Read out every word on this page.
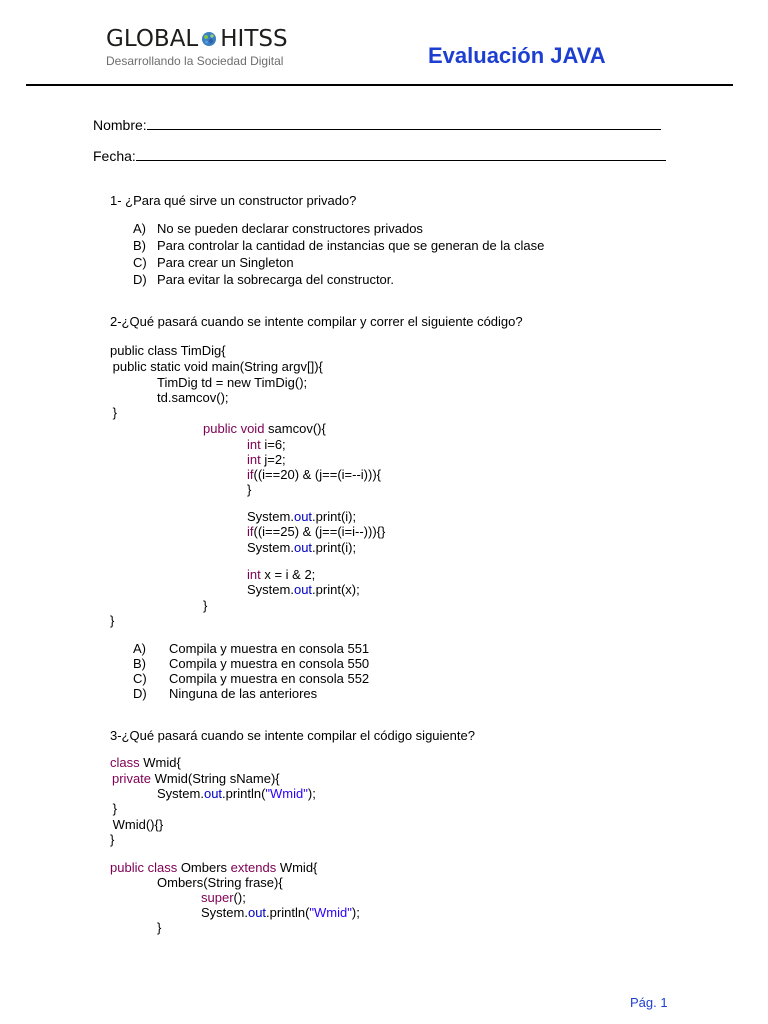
GLOBAL HITSS
Desarrollando la Sociedad Digital	Evaluación JAVA
Nombre:
Fecha:
1- ¿Para qué sirve un constructor privado?
A) No se pueden declarar constructores privados
B) Para controlar la cantidad de instancias que se generan de la clase
C) Para crear un Singleton
D) Para evitar la sobrecarga del constructor.
2-¿Qué pasará cuando se intente compilar y correr el siguiente código?
public class TimDig{
public static void main(String argv[]){
TimDig td = new TimDig();
td.samcov();
}
public void samcov(){
int i=6;
int j=2;
if((i==20) & (j==(i=--i))){
}
System.out.print(i);
if((i==25) & (j==(i=i--))){}
System.out.print(i);
int x = i & 2;
System.out.print(x);
}
}
A) Compila y muestra en consola 551
B) Compila y muestra en consola 550
C) Compila y muestra en consola 552
D) Ninguna de las anteriores
3-¿Qué pasará cuando se intente compilar el código siguiente?
class Wmid{
private Wmid(String sName){
System.out.println("Wmid");
}
Wmid(){}
}
public class Ombers extends Wmid{
Ombers(String frase){
super();
System.out.println("Wmid");
}
Pág. 1
